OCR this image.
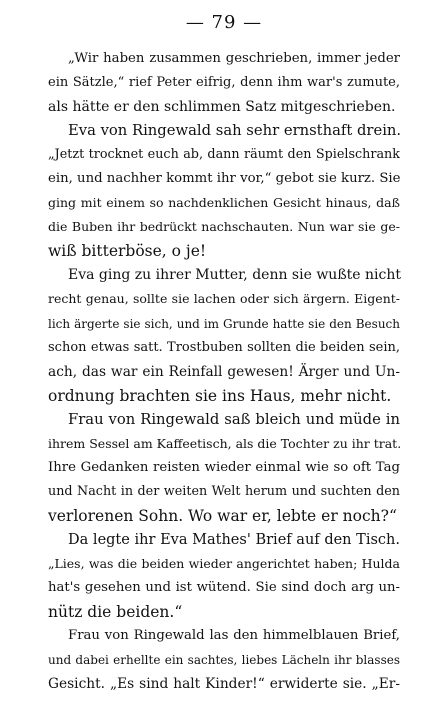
— 79 —
„Wir haben zusammen geschrieben, immer jeder
ein Sätzle,“ rief Peter eifrig, denn ihm war's zumute,
als hätte er den schlimmen Satz mitgeschrieben.
Eva von Ringewald sah sehr ernsthaft drein.
„Jetzt trocknet euch ab, dann räumt den Spielschrank
ein, und nachher kommt ihr vor,“ gebot sie kurz. Sie
ging mit einem so nachdenklichen Gesicht hinaus, daß
die Buben ihr bedrückt nachschauten. Nun war sie ge-
wiß bitterböse, o je!
Eva ging zu ihrer Mutter, denn sie wußte nicht
recht genau, sollte sie lachen oder sich ärgern. Eigent-
lich ärgerte sie sich, und im Grunde hatte sie den Besuch
schon etwas satt. Trostbuben sollten die beiden sein,
ach, das war ein Reinfall gewesen! Ärger und Un-
ordnung brachten sie ins Haus, mehr nicht.
Frau von Ringewald saß bleich und müde in
ihrem Sessel am Kaffeetisch, als die Tochter zu ihr trat.
Ihre Gedanken reisten wieder einmal wie so oft Tag
und Nacht in der weiten Welt herum und suchten den
verlorenen Sohn. Wo war er, lebte er noch?“
Da legte ihr Eva Mathes' Brief auf den Tisch.
„Lies, was die beiden wieder angerichtet haben; Hulda
hat's gesehen und ist wütend. Sie sind doch arg un-
nütz die beiden.“
Frau von Ringewald las den himmelblauen Brief,
und dabei erhellte ein sachtes, liebes Lächeln ihr blasses
Gesicht. „Es sind halt Kinder!“ erwiderte sie. „Er-
